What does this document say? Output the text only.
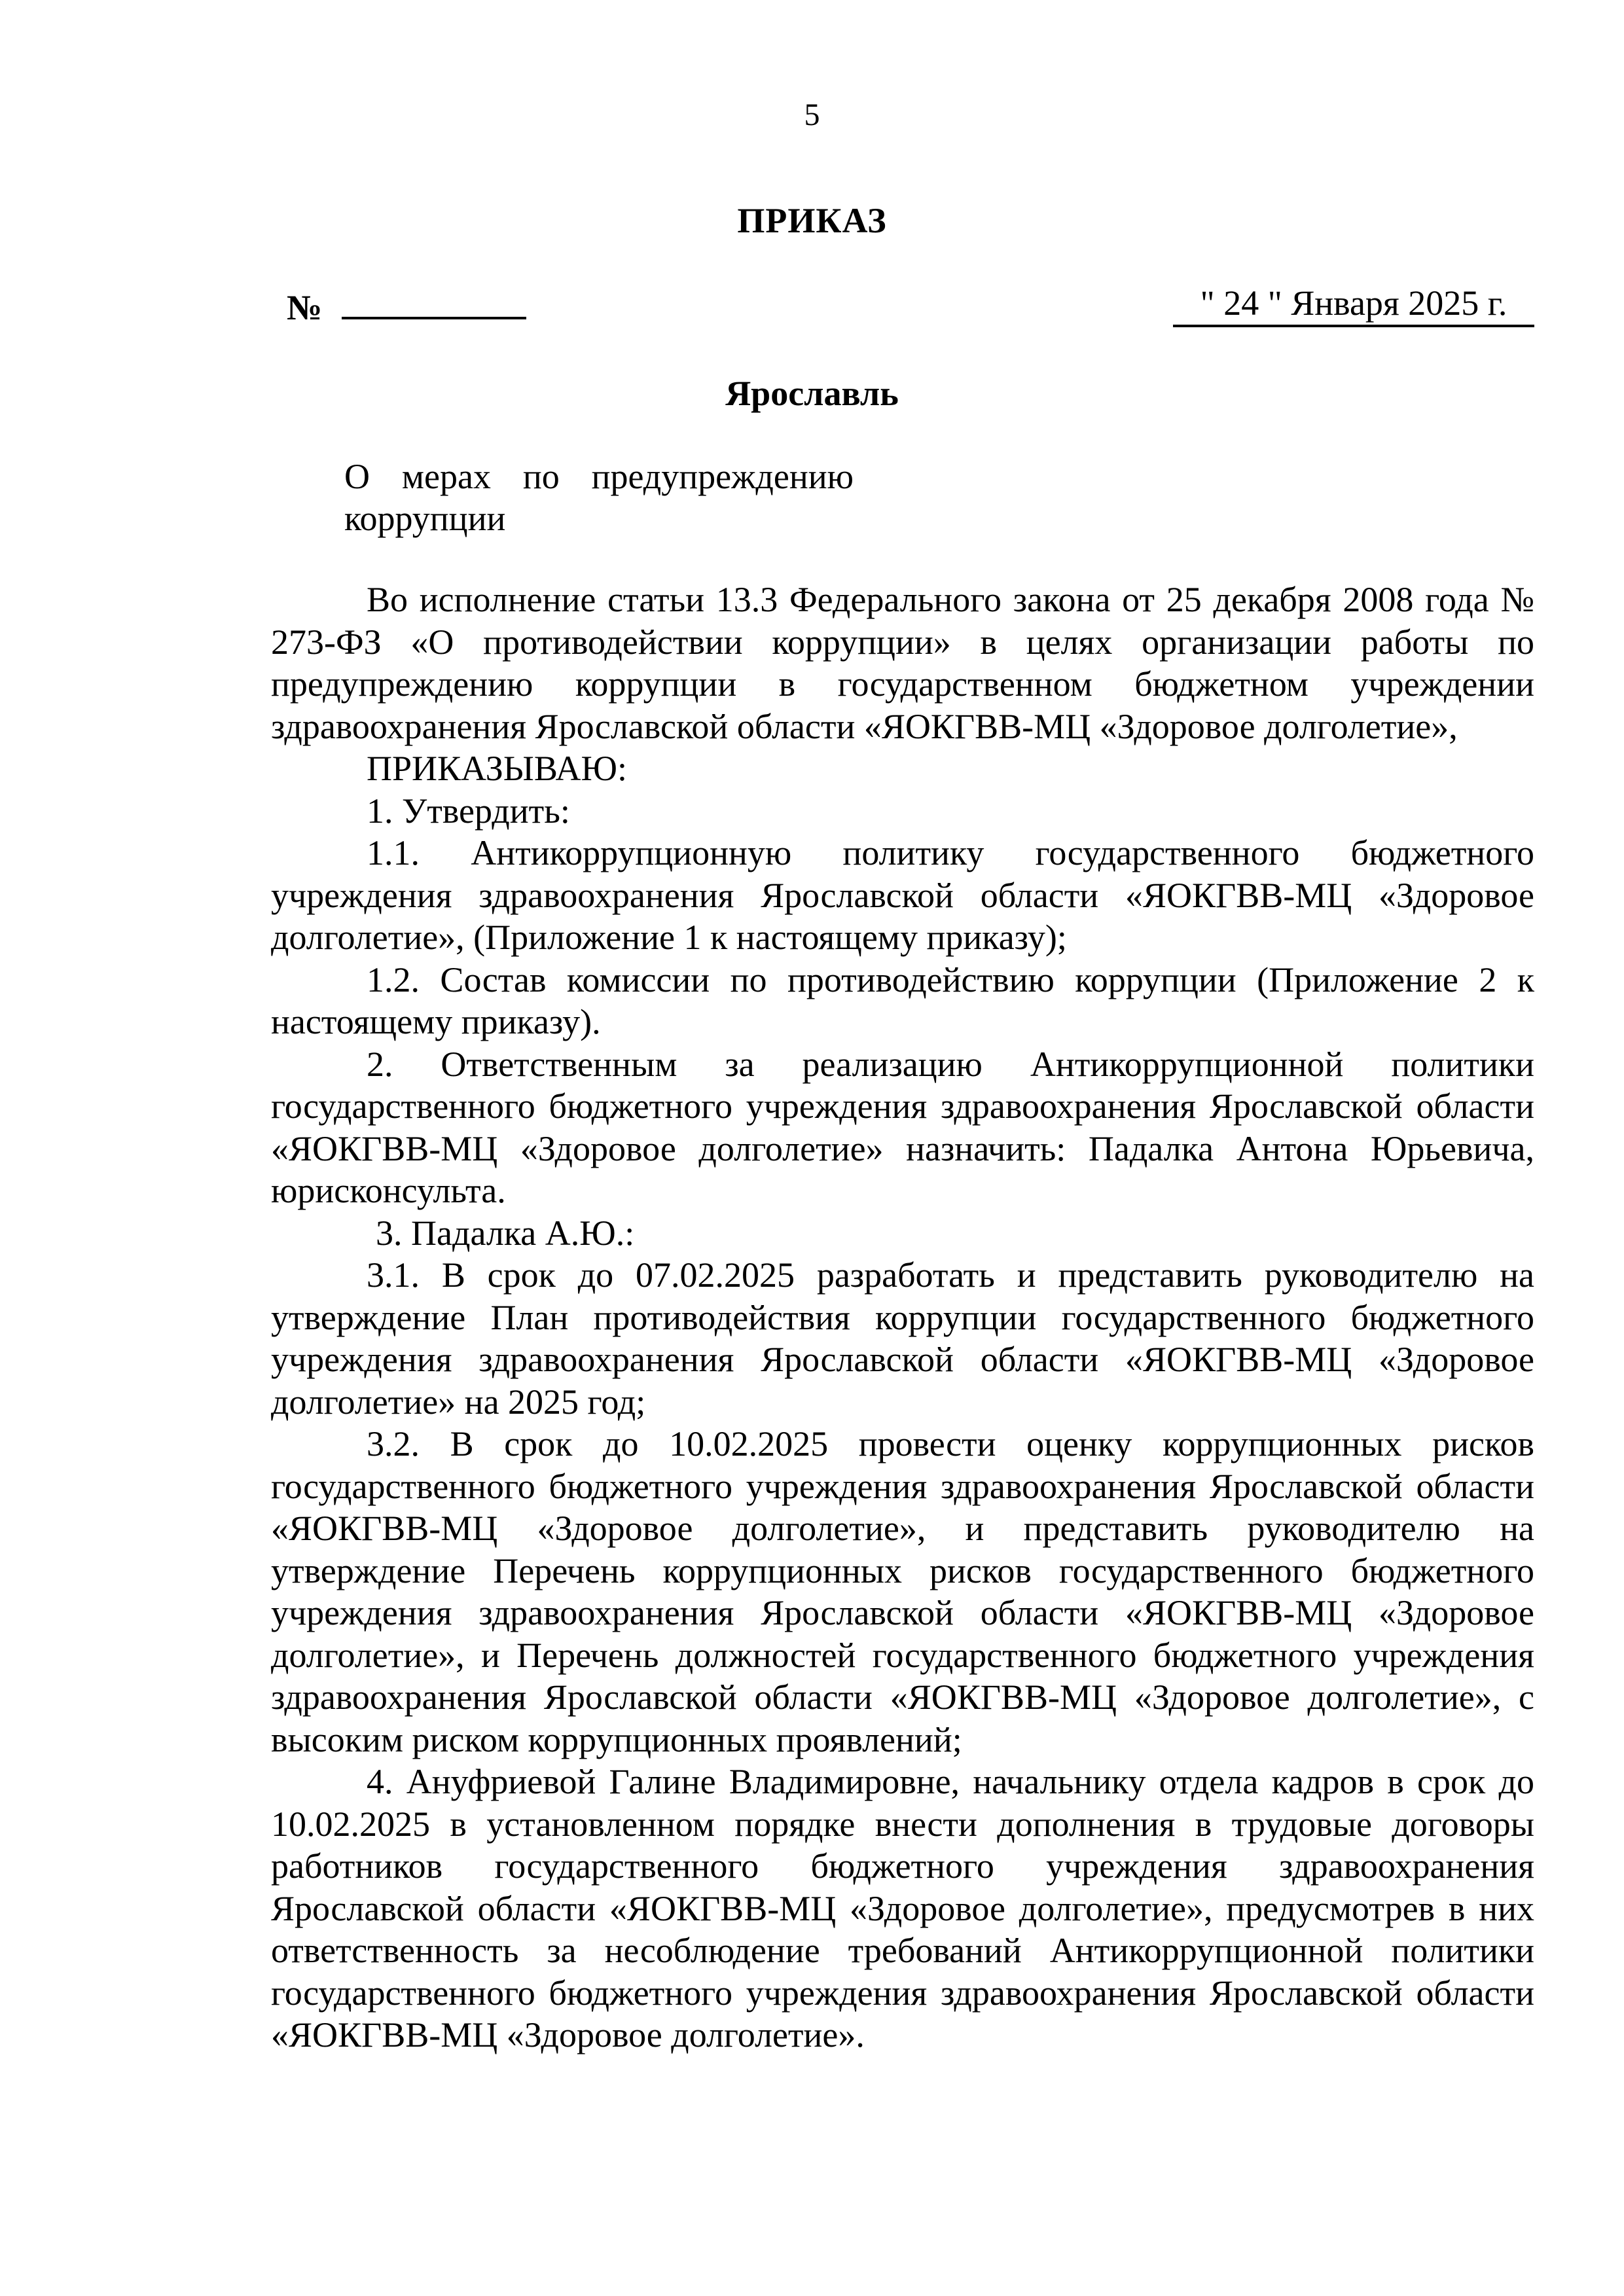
5
ПРИКАЗ
№	" 24 " Января 2025 г.
Ярославль

О мерах по предупреждению

коррупции

Во исполнение статьи 13.3 Федерального закона от 25 декабря 2008 года № 273-ФЗ «О противодействии коррупции» в целях организации работы по предупреждению коррупции в государственном бюджетном учреждении здравоохранения Ярославской области «ЯОКГВВ-МЦ «Здоровое долголетие»,

ПРИКАЗЫВАЮ:

1. Утвердить:

1.1. Антикоррупционную политику государственного бюджетного учреждения здравоохранения Ярославской области «ЯОКГВВ-МЦ «Здоровое долголетие», (Приложение 1 к настоящему приказу);

1.2. Состав комиссии по противодействию коррупции (Приложение 2 к настоящему приказу).

2. Ответственным за реализацию Антикоррупционной политики государственного бюджетного учреждения здравоохранения Ярославской области «ЯОКГВВ-МЦ «Здоровое долголетие» назначить: Падалка Антона Юрьевича, юрисконсульта.

3. Падалка А.Ю.:

3.1. В срок до 07.02.2025 разработать и представить руководителю на утверждение План противодействия коррупции государственного бюджетного учреждения здравоохранения Ярославской области «ЯОКГВВ-МЦ «Здоровое долголетие» на 2025 год;

3.2. В срок до 10.02.2025 провести оценку коррупционных рисков государственного бюджетного учреждения здравоохранения Ярославской области «ЯОКГВВ-МЦ «Здоровое долголетие», и представить руководителю на утверждение Перечень коррупционных рисков государственного бюджетного учреждения здравоохранения Ярославской области «ЯОКГВВ-МЦ «Здоровое долголетие», и Перечень должностей государственного бюджетного учреждения здравоохранения Ярославской области «ЯОКГВВ-МЦ «Здоровое долголетие», с высоким риском коррупционных проявлений;

4. Ануфриевой Галине Владимировне, начальнику отдела кадров в срок до 10.02.2025 в установленном порядке внести дополнения в трудовые договоры работников государственного бюджетного учреждения здравоохранения Ярославской области «ЯОКГВВ-МЦ «Здоровое долголетие», предусмотрев в них ответственность за несоблюдение требований Антикоррупционной политики государственного бюджетного учреждения здравоохранения Ярославской области «ЯОКГВВ-МЦ «Здоровое долголетие».
